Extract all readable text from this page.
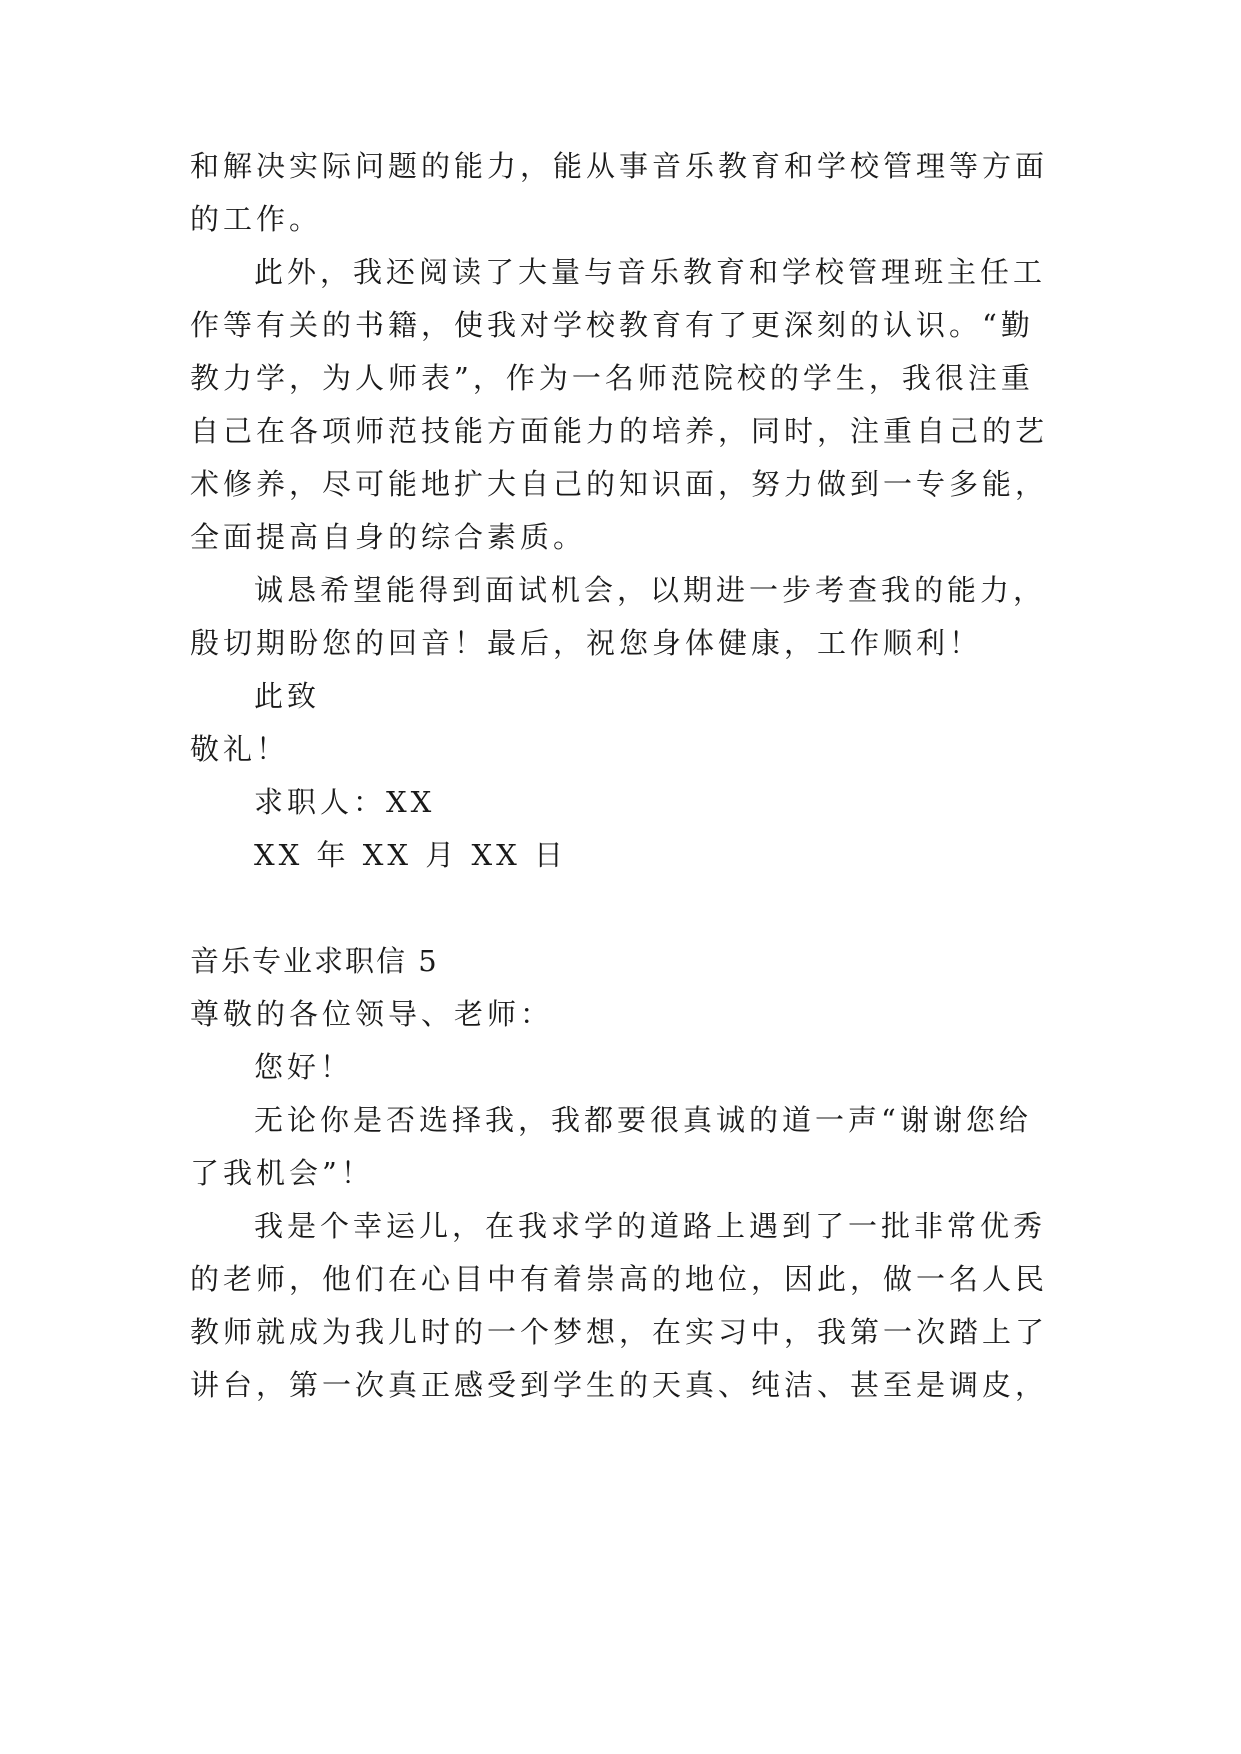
和解决实际问题的能力，能从事音乐教育和学校管理等方面
的工作。
此外，我还阅读了大量与音乐教育和学校管理班主任工
作等有关的书籍，使我对学校教育有了更深刻的认识。“勤
教力学，为人师表”，作为一名师范院校的学生，我很注重
自己在各项师范技能方面能力的培养，同时，注重自己的艺
术修养，尽可能地扩大自己的知识面，努力做到一专多能，
全面提高自身的综合素质。
诚恳希望能得到面试机会，以期进一步考查我的能力，
殷切期盼您的回音！最后，祝您身体健康，工作顺利！
此致
敬礼！
求职人：XX
XX 年 XX 月 XX 日
音乐专业求职信 5
尊敬的各位领导、老师：
您好！
无论你是否选择我，我都要很真诚的道一声“谢谢您给
了我机会”！
我是个幸运儿，在我求学的道路上遇到了一批非常优秀
的老师，他们在心目中有着崇高的地位，因此，做一名人民
教师就成为我儿时的一个梦想，在实习中，我第一次踏上了
讲台，第一次真正感受到学生的天真、纯洁、甚至是调皮，
